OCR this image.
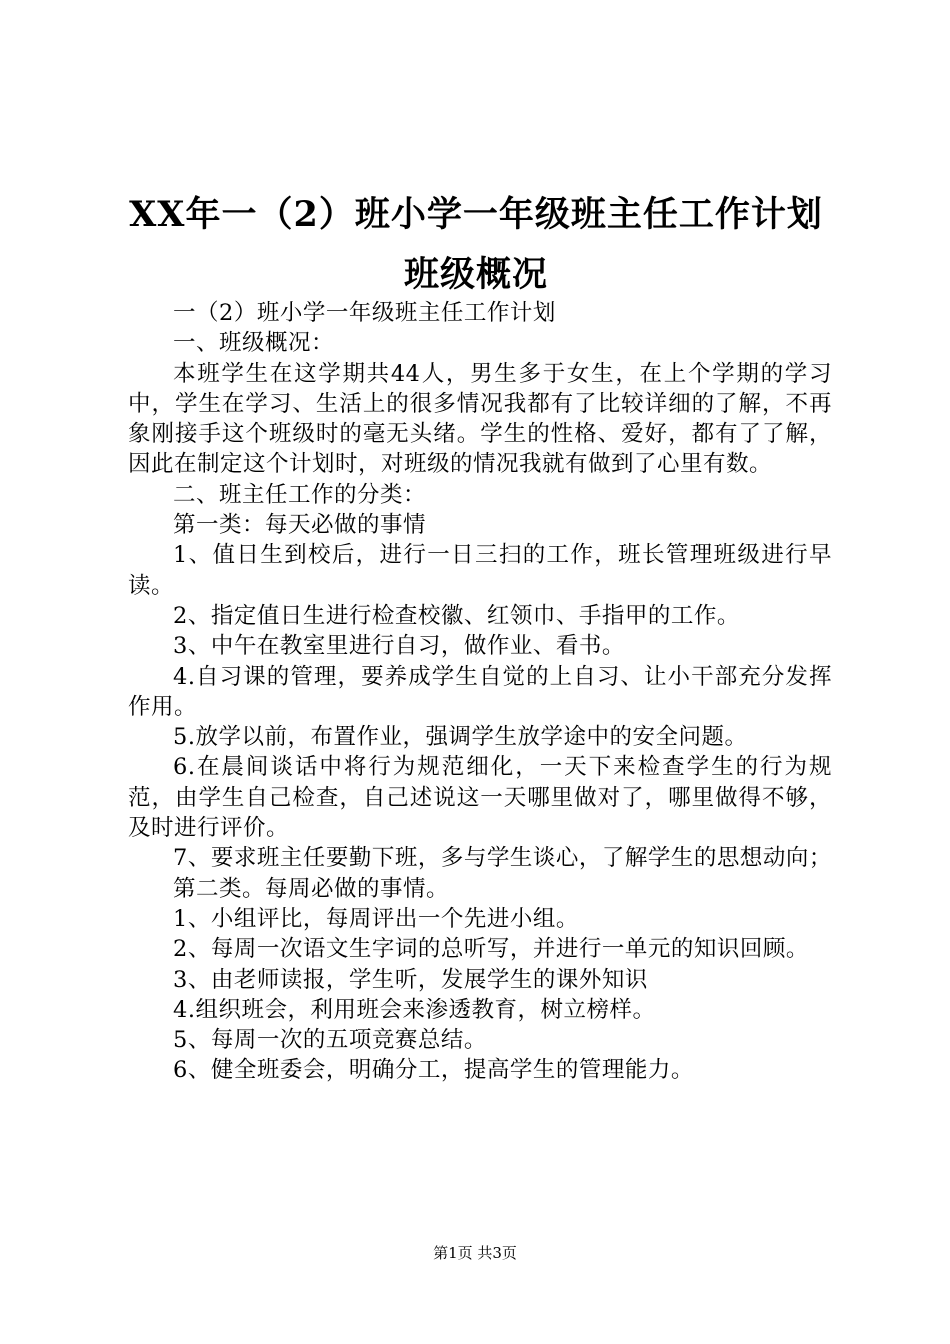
XX年一（2）班小学一年级班主任工作计划班级概况

一（2）班小学一年级班主任工作计划

一、班级概况：

本班学生在这学期共44人，男生多于女生，在上个学期的学习中，学生在学习、生活上的很多情况我都有了比较详细的了解，不再象刚接手这个班级时的毫无头绪。学生的性格、爱好，都有了了解，因此在制定这个计划时，对班级的情况我就有做到了心里有数。

二、班主任工作的分类：

第一类：每天必做的事情

1、值日生到校后，进行一日三扫的工作，班长管理班级进行早读。

2、指定值日生进行检查校徽、红领巾、手指甲的工作。

3、中午在教室里进行自习，做作业、看书。

4.自习课的管理，要养成学生自觉的上自习、让小干部充分发挥作用。

5.放学以前，布置作业，强调学生放学途中的安全问题。

6.在晨间谈话中将行为规范细化，一天下来检查学生的行为规范，由学生自己检查，自己述说这一天哪里做对了，哪里做得不够，及时进行评价。

7、要求班主任要勤下班，多与学生谈心，了解学生的思想动向；

第二类。每周必做的事情。

1、小组评比，每周评出一个先进小组。

2、每周一次语文生字词的总听写，并进行一单元的知识回顾。

3、由老师读报，学生听，发展学生的课外知识

4.组织班会，利用班会来渗透教育，树立榜样。

5、每周一次的五项竞赛总结。

6、健全班委会，明确分工，提高学生的管理能力。

第1页 共3页
